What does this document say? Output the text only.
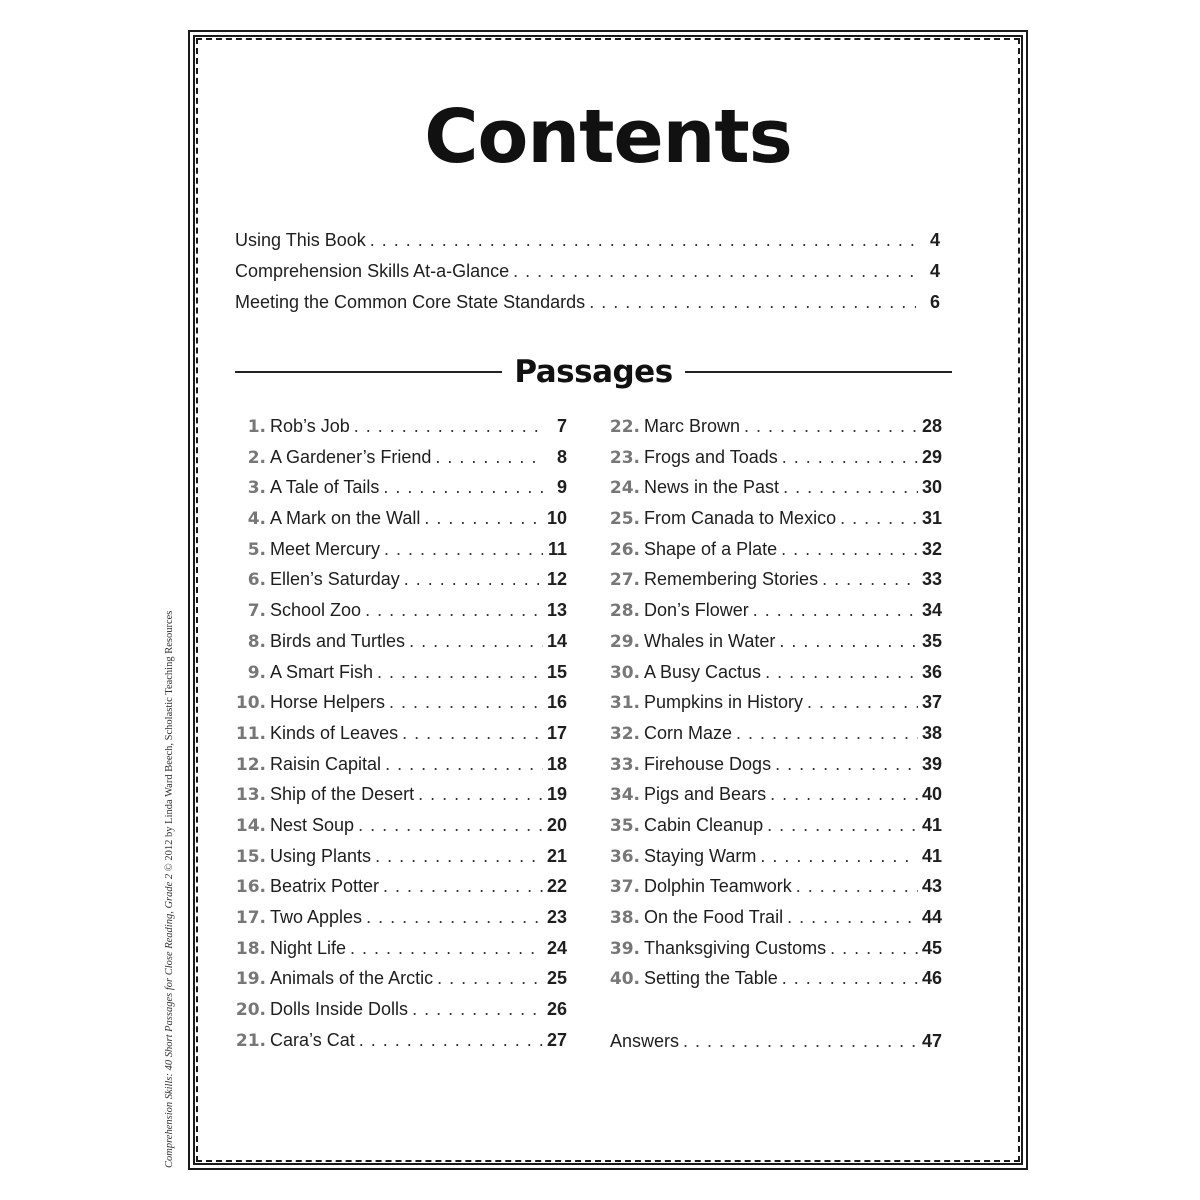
Contents
Using This Book . . .	4
Comprehension Skills At-a-Glance . . .	4
Meeting the Common Core State Standards . . .	6
Passages
1. Rob’s Job . . .	7
2. A Gardener’s Friend . . .	8
3. A Tale of Tails . . .	9
4. A Mark on the Wall . . .	10
5. Meet Mercury . . .	11
6. Ellen’s Saturday . . .	12
7. School Zoo . . .	13
8. Birds and Turtles . . .	14
9. A Smart Fish . . .	15
10. Horse Helpers . . .	16
11. Kinds of Leaves . . .	17
12. Raisin Capital . . .	18
13. Ship of the Desert . . .	19
14. Nest Soup . . .	20
15. Using Plants . . .	21
16. Beatrix Potter . . .	22
17. Two Apples . . .	23
18. Night Life . . .	24
19. Animals of the Arctic . . .	25
20. Dolls Inside Dolls . . .	26
21. Cara’s Cat . . .	27
22. Marc Brown . . .	28
23. Frogs and Toads . . .	29
24. News in the Past . . .	30
25. From Canada to Mexico . . .	31
26. Shape of a Plate . . .	32
27. Remembering Stories . . .	33
28. Don’s Flower . . .	34
29. Whales in Water . . .	35
30. A Busy Cactus . . .	36
31. Pumpkins in History . . .	37
32. Corn Maze . . .	38
33. Firehouse Dogs . . .	39
34. Pigs and Bears . . .	40
35. Cabin Cleanup . . .	41
36. Staying Warm . . .	41
37. Dolphin Teamwork . . .	43
38. On the Food Trail . . .	44
39. Thanksgiving Customs . . .	45
40. Setting the Table . . .	46
Answers . . .	47
Comprehension Skills: 40 Short Passages for Close Reading, Grade 2 © 2012 by Linda Ward Beech, Scholastic Teaching Resources
